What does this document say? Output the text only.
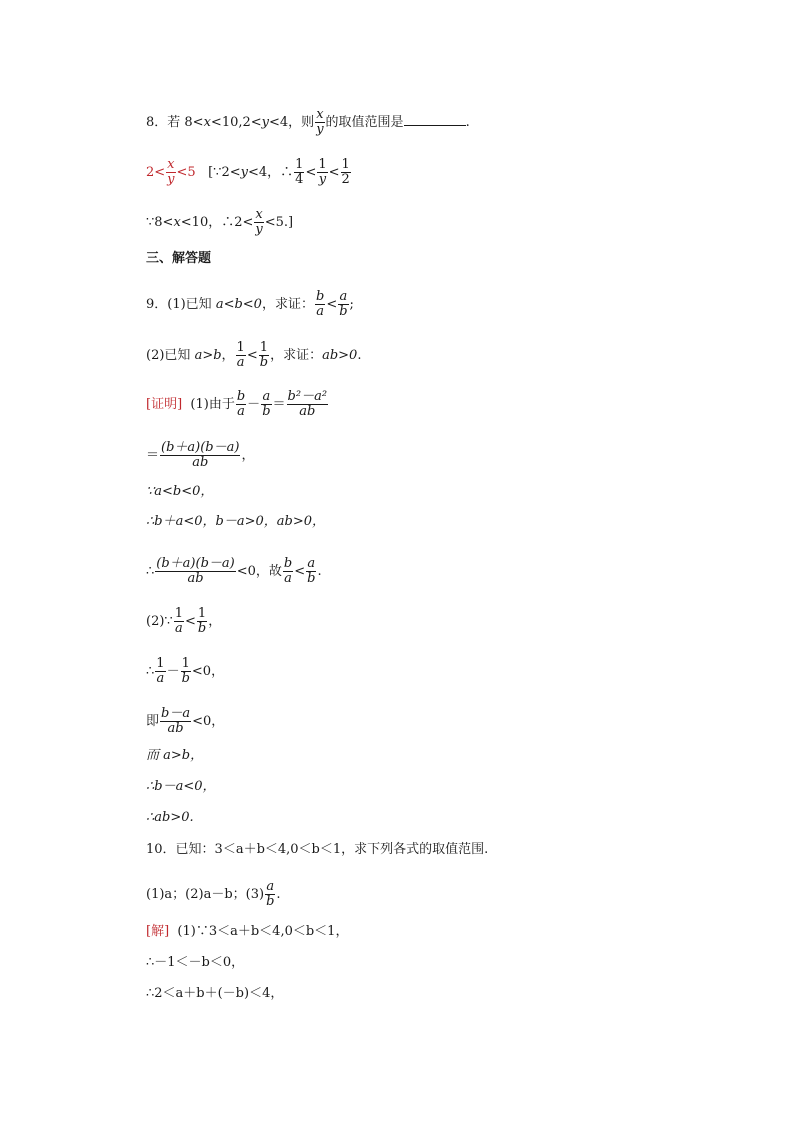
8．若 8<x<10,2<y<4，则 $\frac{x}{y}$ 的取值范围是	.
$2< \frac{x}{y} <5$ [∵2<y<4，∴ $\frac{1}{4} < \frac{1}{y} < \frac{1}{2}$
∵8<x<10，∴2< $\frac{x}{y} <5$.]
三、解答题
9．(1)已知 a<b<0，求证： $\frac{b}{a} < \frac{a}{b}$ ;
(2)已知 a>b， $\frac{1}{a} < \frac{1}{b}$ ，求证：ab>0.
[证明] (1)由于 $\frac{b}{a} - \frac{a}{b} = \frac{\text{b²－a²}}{ab}$
＝ $\frac{(b+a)(b-a)}{ab}$ ，
∵a<b<0，
∴b＋a<0，b－a>0，ab>0，
∴ $\frac{(b+a)(b-a)}{ab} <0$，故 $\frac{b}{a} < \frac{a}{b}$ .
(2)∵ $\frac{1}{a} < \frac{1}{b}$ ，
∴ $\frac{1}{a} - \frac{1}{b} <0$，
即 $\frac{b-a}{ab} <0$，
而 a>b，
∴b－a<0，
∴ab>0.
10．已知：3＜a＋b＜4,0＜b＜1，求下列各式的取值范围.
(1)a；(2)a－b；$(3) \frac{a}{b}$ .
[解] (1)∵3＜a＋b＜4,0＜b＜1，
∴－1＜－b＜0，
∴2＜a＋b＋(－b)＜4，
